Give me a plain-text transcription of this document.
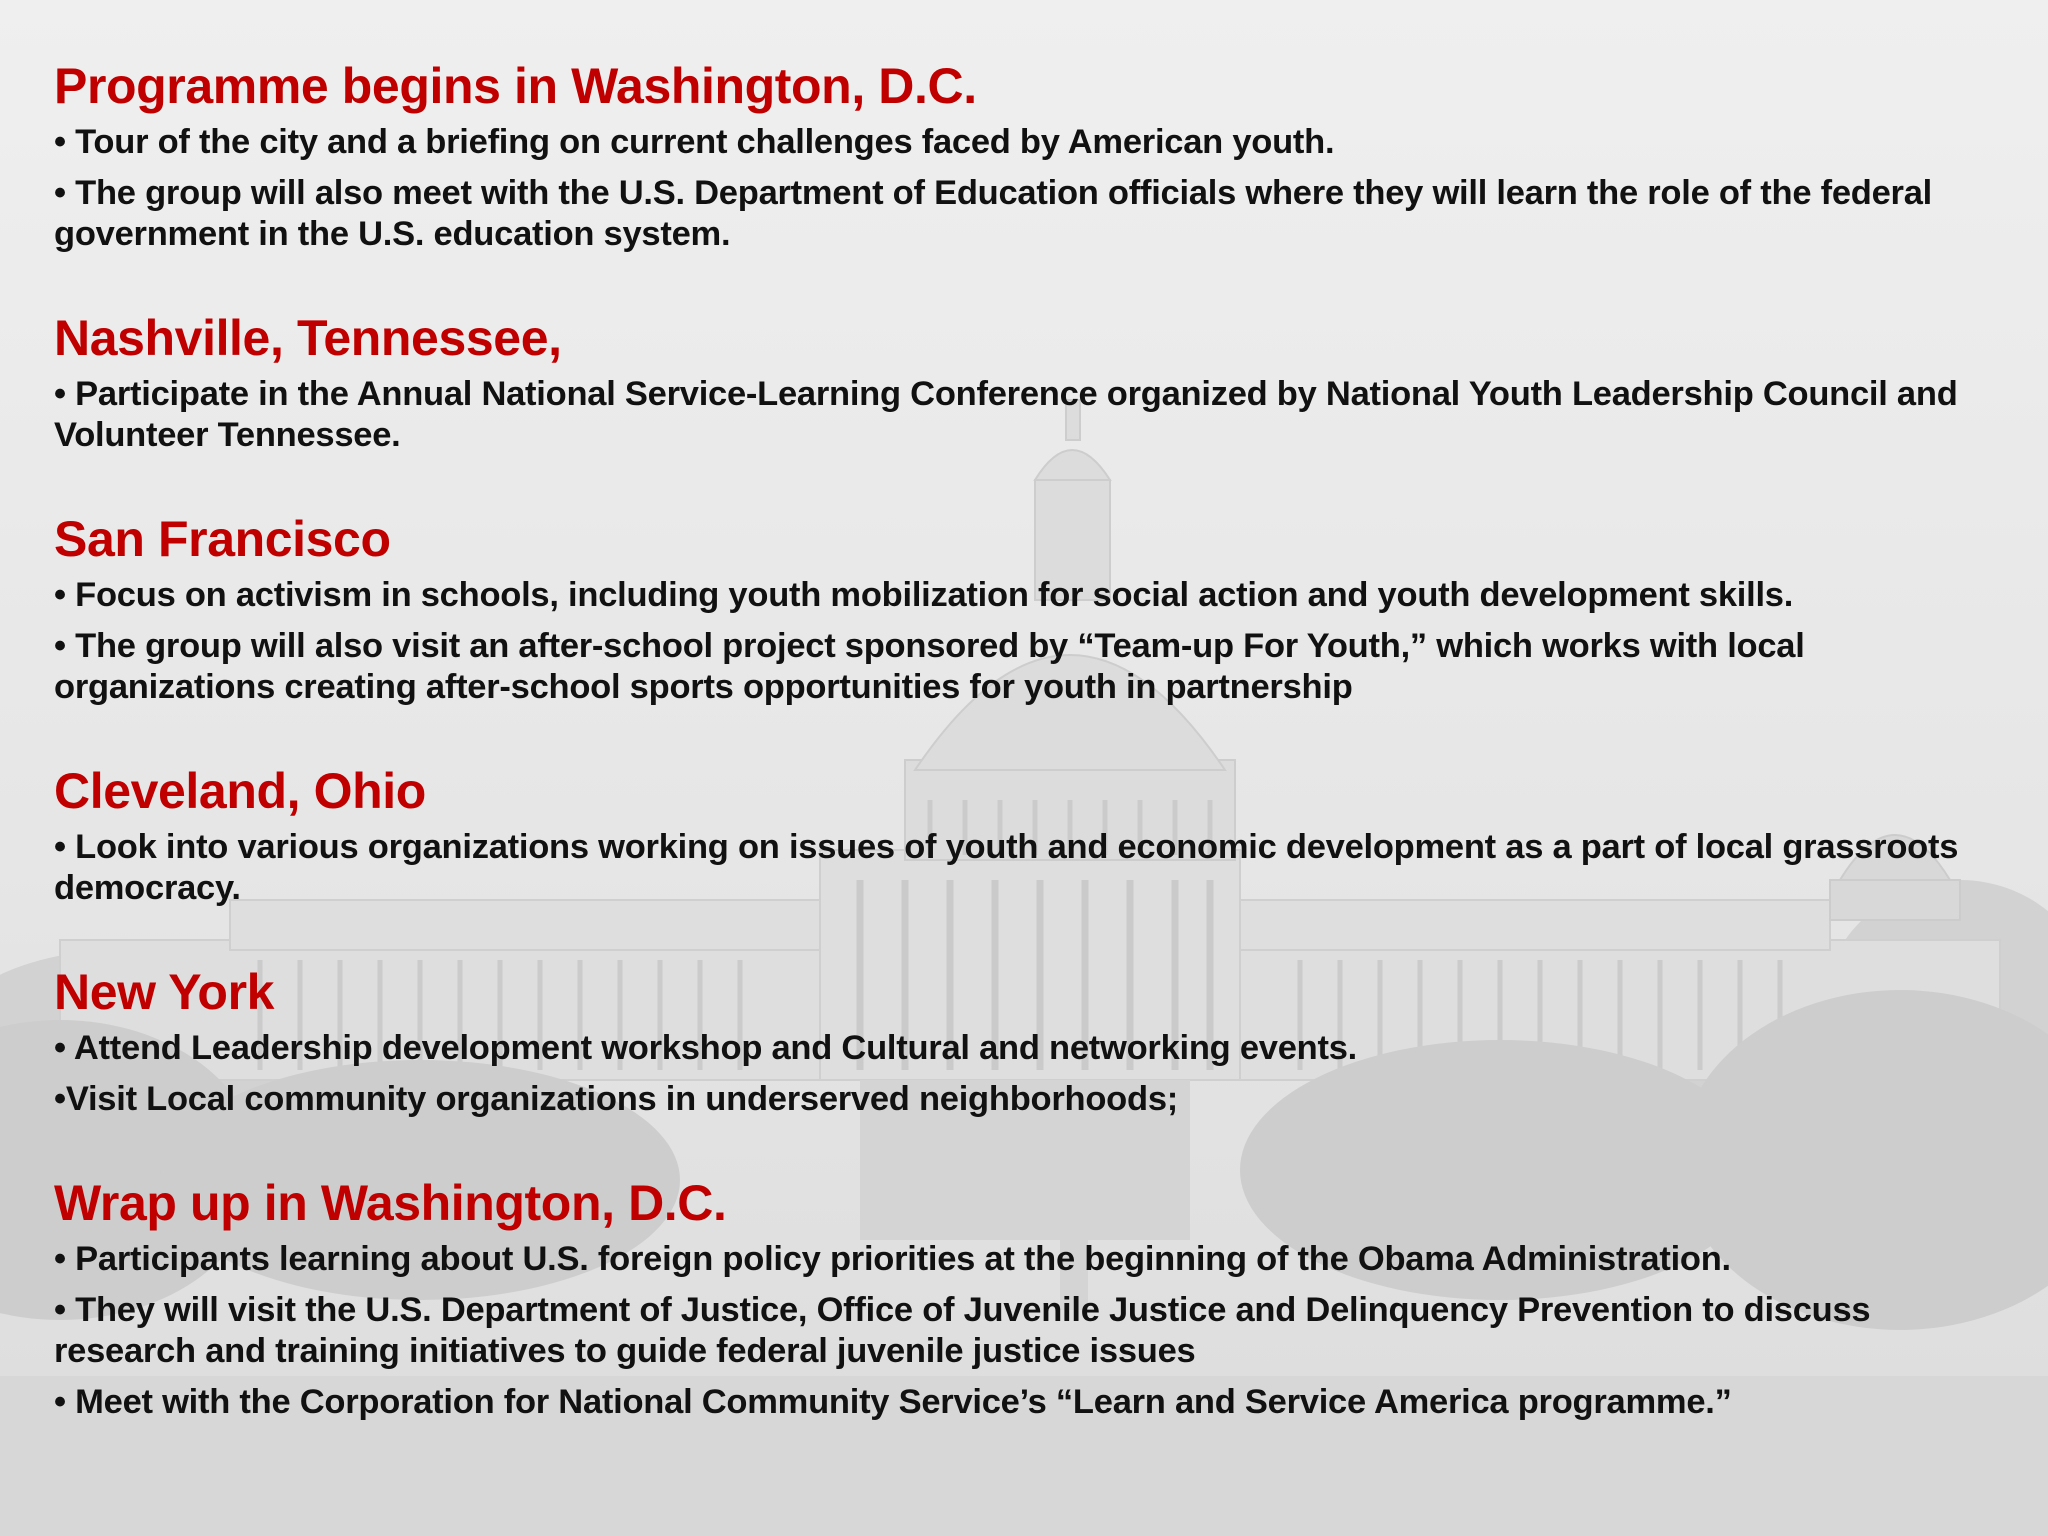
Programme begins in Washington, D.C.

• Tour of the city and a briefing on current challenges faced by American youth.

• The group will also meet with the U.S. Department of Education officials where they will learn the role of the federal government in the U.S. education system.

Nashville, Tennessee,

• Participate in the Annual National Service-Learning Conference organized by National Youth Leadership Council and Volunteer Tennessee.

San Francisco

• Focus on activism in schools, including youth mobilization for social action and youth development skills.

• The group will also visit an after-school project sponsored by “Team-up For Youth,” which works with local organizations creating after-school sports opportunities for youth in partnership

Cleveland, Ohio

• Look into various organizations working on issues of youth and economic development as a part of local grassroots democracy.

New York

• Attend Leadership development workshop and Cultural and networking events.

•Visit Local community organizations in underserved neighborhoods;

Wrap up in Washington, D.C.

• Participants learning about U.S. foreign policy priorities at the beginning of the Obama Administration.

• They will visit the U.S. Department of Justice, Office of Juvenile Justice and Delinquency Prevention to discuss research and training initiatives to guide federal juvenile justice issues

• Meet with the Corporation for National Community Service’s “Learn and Service America programme.”
